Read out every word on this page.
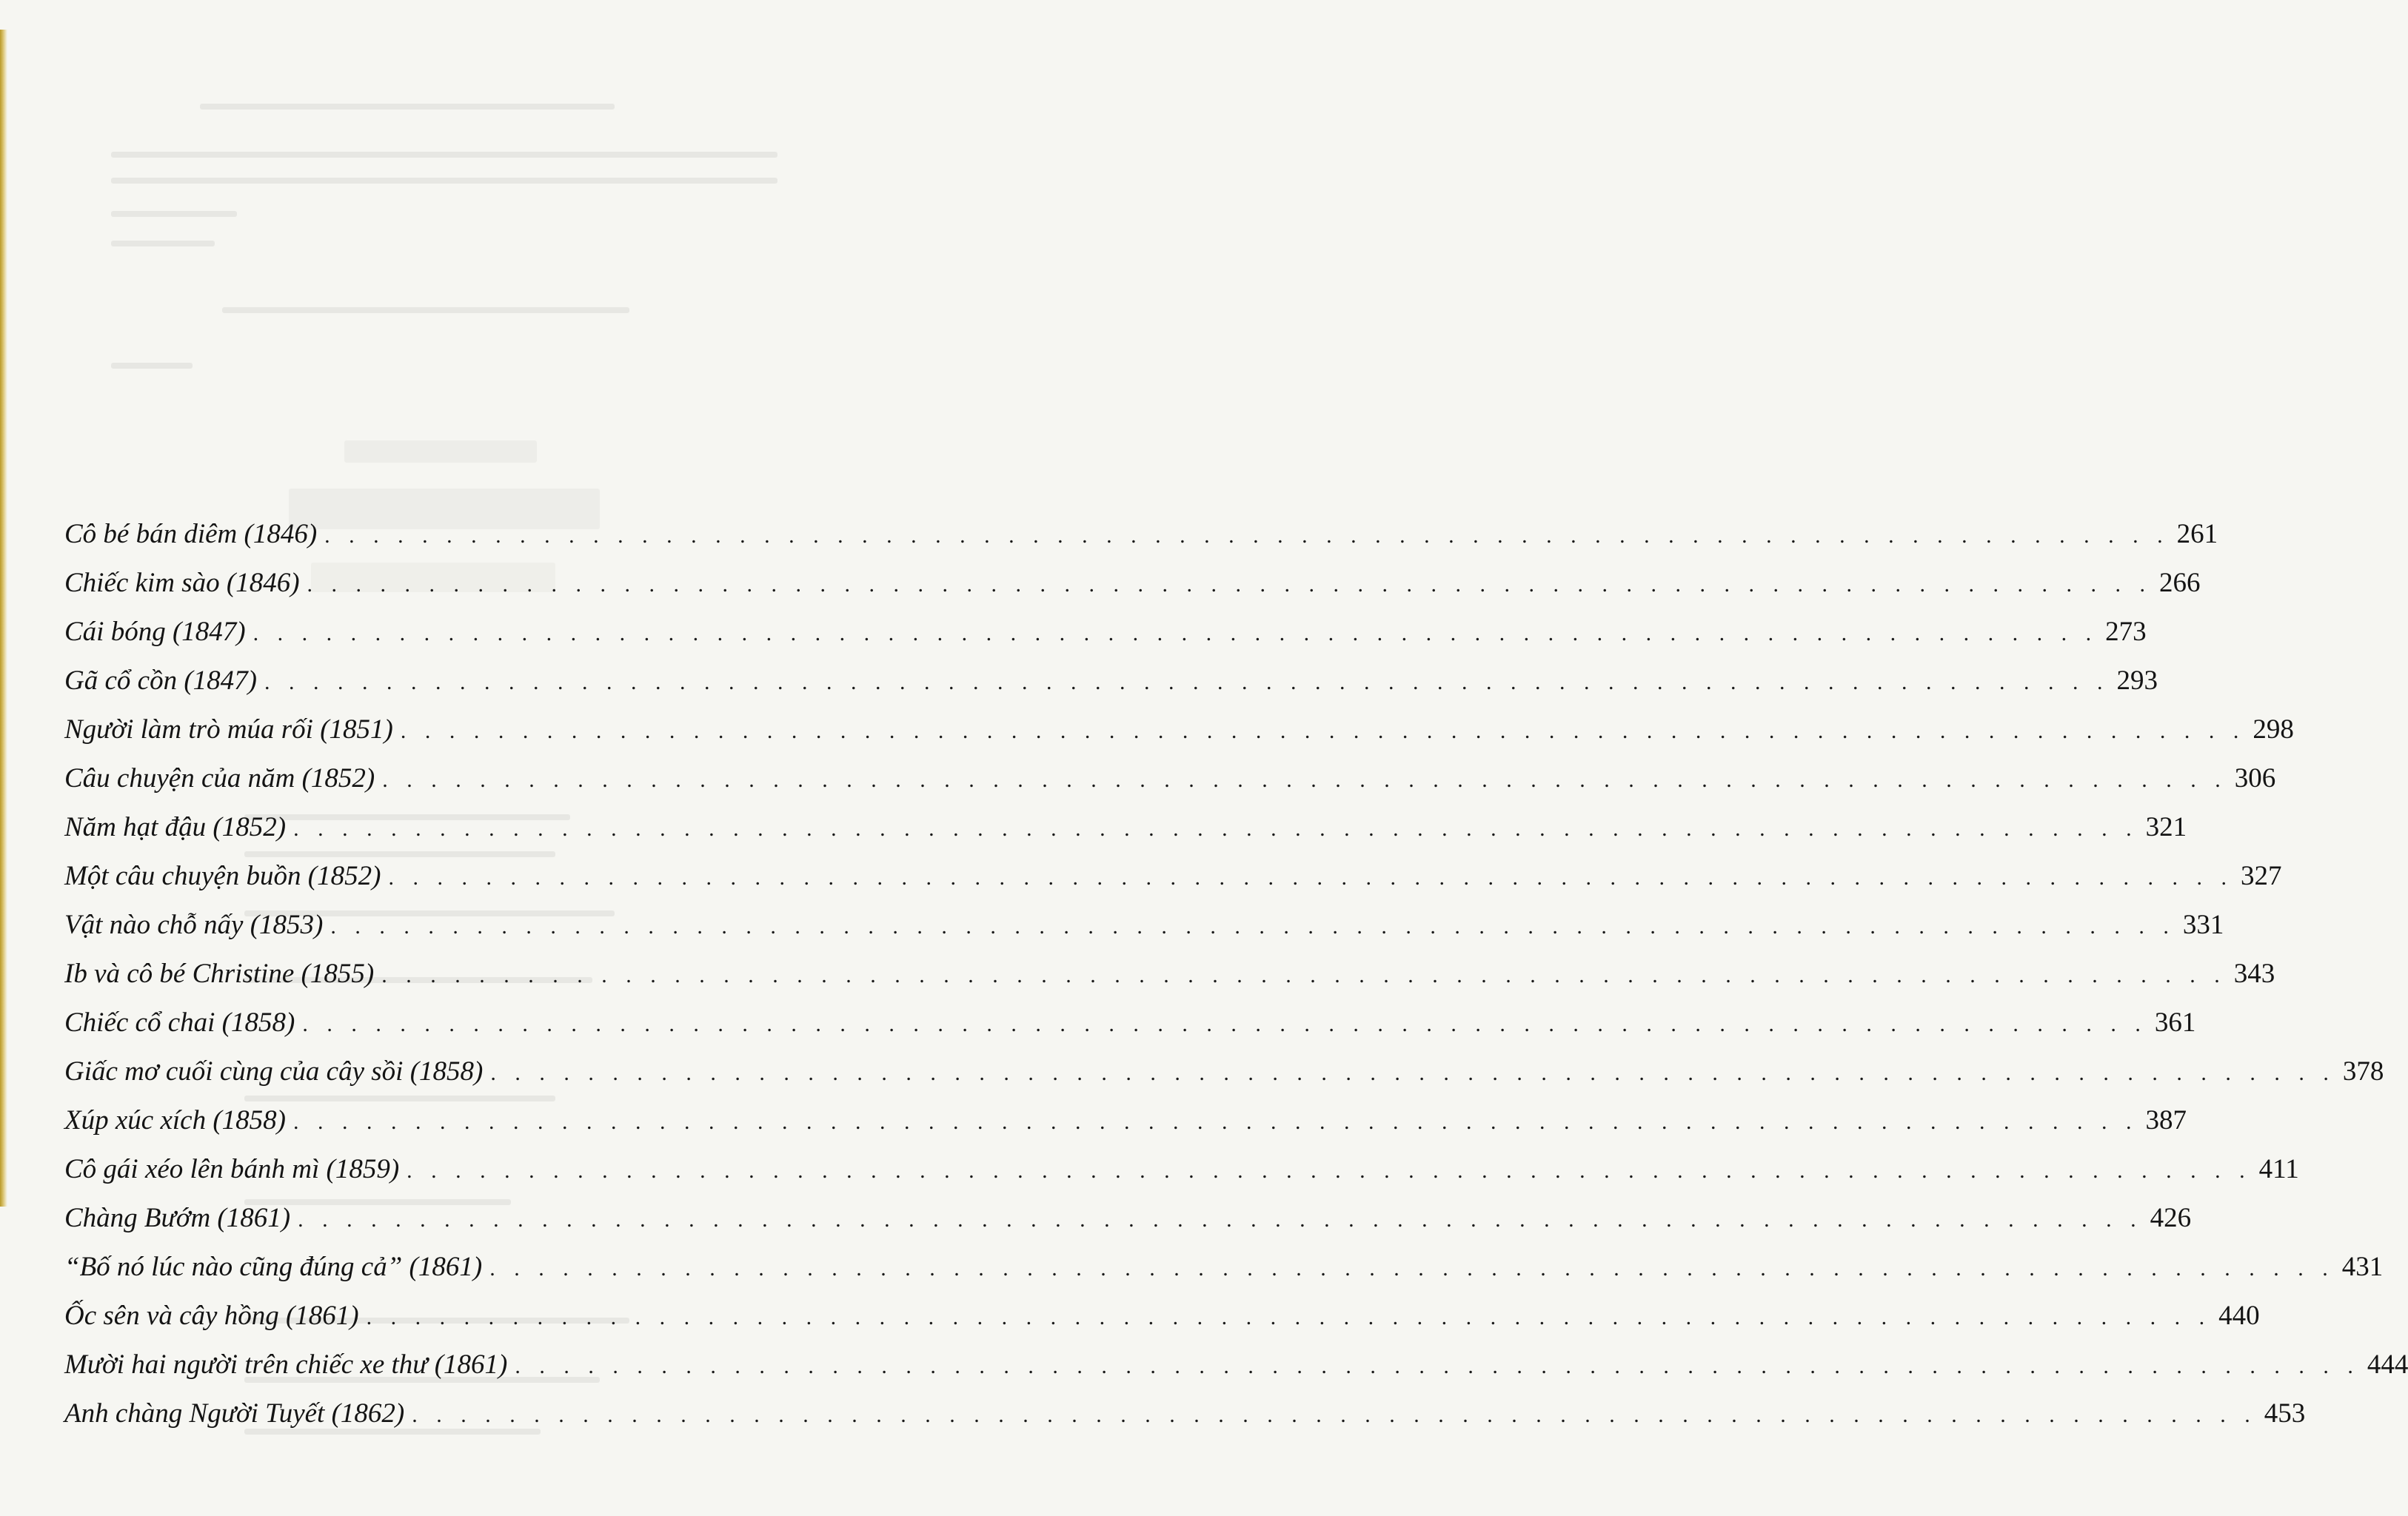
Cô bé bán diêm (1846) . . . . . . . . . . . . . . . . . . . . . . . . . . . . . . . . . . . . . . . . . . . . . . . . . . . . . . . . . . . . . . . . . . . . . . . . . . . . 261
Chiếc kim sào (1846) . . . . . . . . . . . . . . . . . . . . . . . . . . . . . . . . . . . . . . . . . . . . . . . . . . . . . . . . . . . . . . . . . . . . . . . . . . . . 266
Cái bóng (1847) . . . . . . . . . . . . . . . . . . . . . . . . . . . . . . . . . . . . . . . . . . . . . . . . . . . . . . . . . . . . . . . . . . . . . . . . . . . . 273
Gã cổ cồn (1847) . . . . . . . . . . . . . . . . . . . . . . . . . . . . . . . . . . . . . . . . . . . . . . . . . . . . . . . . . . . . . . . . . . . . . . . . . . . . 293
Người làm trò múa rối (1851) . . . . . . . . . . . . . . . . . . . . . . . . . . . . . . . . . . . . . . . . . . . . . . . . . . . . . . . . . . . . . . . . . . . . . . . . . . . . 298
Câu chuyện của năm (1852) . . . . . . . . . . . . . . . . . . . . . . . . . . . . . . . . . . . . . . . . . . . . . . . . . . . . . . . . . . . . . . . . . . . . . . . . . . . . 306
Năm hạt đậu (1852) . . . . . . . . . . . . . . . . . . . . . . . . . . . . . . . . . . . . . . . . . . . . . . . . . . . . . . . . . . . . . . . . . . . . . . . . . . . . 321
Một câu chuyện buồn (1852) . . . . . . . . . . . . . . . . . . . . . . . . . . . . . . . . . . . . . . . . . . . . . . . . . . . . . . . . . . . . . . . . . . . . . . . . . . . . 327
Vật nào chỗ nấy (1853) . . . . . . . . . . . . . . . . . . . . . . . . . . . . . . . . . . . . . . . . . . . . . . . . . . . . . . . . . . . . . . . . . . . . . . . . . . . . 331
Ib và cô bé Christine (1855) . . . . . . . . . . . . . . . . . . . . . . . . . . . . . . . . . . . . . . . . . . . . . . . . . . . . . . . . . . . . . . . . . . . . . . . . . . . . 343
Chiếc cổ chai (1858) . . . . . . . . . . . . . . . . . . . . . . . . . . . . . . . . . . . . . . . . . . . . . . . . . . . . . . . . . . . . . . . . . . . . . . . . . . . . 361
Giấc mơ cuối cùng của cây sồi (1858) . . . . . . . . . . . . . . . . . . . . . . . . . . . . . . . . . . . . . . . . . . . . . . . . . . . . . . . . . . . . . . . . . . . . . . . . . . . . 378
Xúp xúc xích (1858) . . . . . . . . . . . . . . . . . . . . . . . . . . . . . . . . . . . . . . . . . . . . . . . . . . . . . . . . . . . . . . . . . . . . . . . . . . . . 387
Cô gái xéo lên bánh mì (1859) . . . . . . . . . . . . . . . . . . . . . . . . . . . . . . . . . . . . . . . . . . . . . . . . . . . . . . . . . . . . . . . . . . . . . . . . . . . . 411
Chàng Bướm (1861) . . . . . . . . . . . . . . . . . . . . . . . . . . . . . . . . . . . . . . . . . . . . . . . . . . . . . . . . . . . . . . . . . . . . . . . . . . . . 426
“Bố nó lúc nào cũng đúng cả” (1861) . . . . . . . . . . . . . . . . . . . . . . . . . . . . . . . . . . . . . . . . . . . . . . . . . . . . . . . . . . . . . . . . . . . . . . . . . . . . 431
Ốc sên và cây hồng (1861) . . . . . . . . . . . . . . . . . . . . . . . . . . . . . . . . . . . . . . . . . . . . . . . . . . . . . . . . . . . . . . . . . . . . . . . . . . . . 440
Mười hai người trên chiếc xe thư (1861) . . . . . . . . . . . . . . . . . . . . . . . . . . . . . . . . . . . . . . . . . . . . . . . . . . . . . . . . . . . . . . . . . . . . . . . . . . . . 444
Anh chàng Người Tuyết (1862) . . . . . . . . . . . . . . . . . . . . . . . . . . . . . . . . . . . . . . . . . . . . . . . . . . . . . . . . . . . . . . . . . . . . . . . . . . . . 453
